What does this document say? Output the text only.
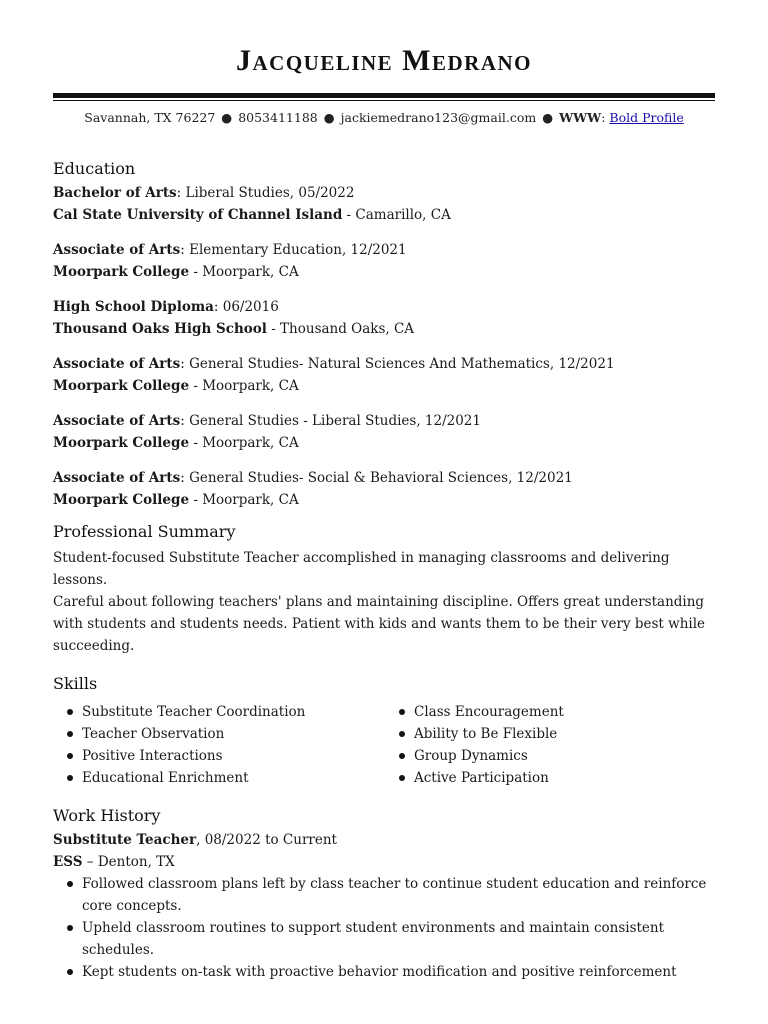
Jacqueline Medrano
Savannah, TX 76227 ● 8053411188 ● jackiemedrano123@gmail.com ● WWW: Bold Profile
Education
Bachelor of Arts: Liberal Studies, 05/2022
Cal State University of Channel Island - Camarillo, CA
Associate of Arts: Elementary Education, 12/2021
Moorpark College - Moorpark, CA
High School Diploma: 06/2016
Thousand Oaks High School - Thousand Oaks, CA
Associate of Arts: General Studies- Natural Sciences And Mathematics, 12/2021
Moorpark College - Moorpark, CA
Associate of Arts: General Studies - Liberal Studies, 12/2021
Moorpark College - Moorpark, CA
Associate of Arts: General Studies- Social & Behavioral Sciences, 12/2021
Moorpark College - Moorpark, CA
Professional Summary
Student-focused Substitute Teacher accomplished in managing classrooms and delivering lessons.
Careful about following teachers' plans and maintaining discipline. Offers great understanding
with students and students needs. Patient with kids and wants them to be their very best while
succeeding.
Skills
Substitute Teacher Coordination
Teacher Observation
Positive Interactions
Educational Enrichment
Class Encouragement
Ability to Be Flexible
Group Dynamics
Active Participation
Work History
Substitute Teacher, 08/2022 to Current
ESS – Denton, TX
Followed classroom plans left by class teacher to continue student education and reinforce core concepts.
Upheld classroom routines to support student environments and maintain consistent schedules.
Kept students on-task with proactive behavior modification and positive reinforcement
